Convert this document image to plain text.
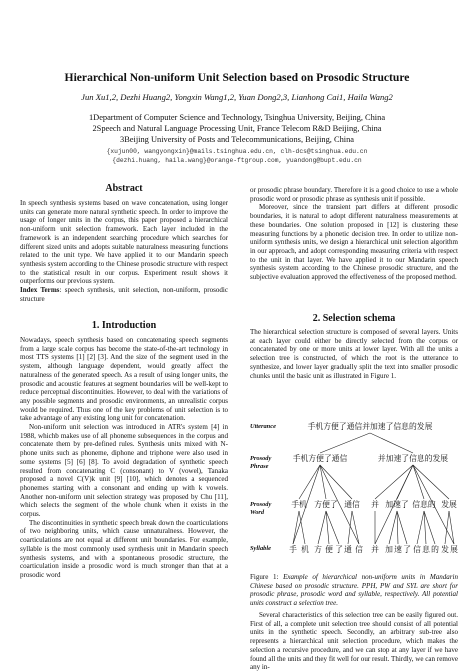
Hierarchical Non-uniform Unit Selection based on Prosodic Structure
Jun Xu1,2, Dezhi Huang2, Yongxin Wang1,2, Yuan Dong2,3, Lianhong Cai1, Haila Wang2
1Department of Computer Science and Technology, Tsinghua University, Beijing, China
2Speech and Natural Language Processing Unit, France Telecom R&D Beijing, China
3Beijing University of Posts and Telecommunications, Beijing, China
{xujun00, wangyongxin}@mails.tsinghua.edu.cn, clh-dcs@tsinghua.edu.cn
{dezhi.huang, haila.wang}@orange-ftgroup.com, yuandong@bupt.edu.cn
Abstract

In speech synthesis systems based on wave concatenation, using longer units can generate more natural synthetic speech. In order to improve the usage of longer units in the corpus, this paper proposed a hierarchical non-uniform unit selection framework. Each layer included in the framework is an independent searching procedure which searches for different sized units and adopts suitable naturalness measuring functions related to the unit type. We have applied it to our Mandarin speech synthesis system according to the Chinese prosodic structure with respect to the statistical result in our corpus. Experiment result shows it outperforms our previous system.

Index Terms: speech synthesis, unit selection, non-uniform, prosodic structure

1. Introduction

Nowadays, speech synthesis based on concatenating speech segments from a large scale corpus has become the state-of-the-art technology in most TTS systems [1] [2] [3]. And the size of the segment used in the system, although language dependent, would greatly affect the naturalness of the generated speech. As a result of using longer units, the prosodic and acoustic features at segment boundaries will be well-kept to reduce perceptual discontinuities. However, to deal with the variations of any possible segments and prosodic environments, an unrealistic corpus would be required. Thus one of the key problems of unit selection is to take advantage of any existing long unit for concatenation.

Non-uniform unit selection was introduced in ATR's system [4] in 1988, whichb makes use of all phoneme subsequences in the corpus and concatenate them by pre-defined rules. Synthesis units mixed with N-phone units such as phoneme, diphone and triphone were also used in some systems [5] [6] [8]. To avoid degradation of synthetic speech resulted from concatenating C (consonant) to V (vowel), Tanaka proposed a novel C(V)k unit [9] [10], which denotes a sequenced phonemes starting with a consonant and ending up with k vowels. Another non-uniform unit selection strategy was proposed by Chu [11], which selects the segment of the whole chunk when it exists in the corpus.

The discontinuities in synthetic speech break down the coarticulations of two neighboring units, which cause unnaturalness. However, the coarticulations are not equal at different unit boundaries. For example, syllable is the most commonly used synthesis unit in Mandarin speech synthesis systems, and with a spontaneous prosodic structure, the coarticulation inside a prosodic word is much stronger than that at a prosodic word

or prosodic phrase boundary. Therefore it is a good choice to use a whole prosodic word or prosodic phrase as synthesis unit if possible.

Moreover, since the transient part differs at different prosodic boundaries, it is natural to adopt different naturalness measurements at these boundaries. One solution proposed in [12] is clustering these measuring functions by a phonetic decision tree. In order to utilize non-uniform synthesis units, we design a hierarchical unit selection algorithm in our approach, and adopt corresponding measuring criteria with respect to the unit in that layer. We have applied it to our Mandarin speech synthesis system according to the Chinese prosodic structure, and the subjective evaluation approved the effectiveness of the proposed method.

2. Selection schema
The hierarchical selection structure is composed of several layers. Units at each layer could either be directly selected from the corpus or concatenated by one or more units at lower layer. With all the units a selection tree is constructed, of which the root is the utterance to synthesize, and lower layer gradually split the text into smaller prosodic chunks until the basic unit as illustrated in Figure 1.
Utterance
Prosody
Phrase
Prosody
Word
Syllable
手机方便了通信并加速了信息的发展
手机方便了通信	并加速了信息的发展
手机 方便了 通信 并 加速了 信息的 发展
手 机 方 便 了 通 信 并 加 速 了 信 息 的 发 展
Figure 1: Example of hierarchical non-uniform units in Mandarin Chinese based on prosodic structure. PPH, PW and SYL are short for prosodic phrase, prosodic word and syllable, respectively. All potential units construct a selection tree.
Several characteristics of this selection tree can be easily figured out. First of all, a complete unit selection tree should consist of all potential units in the synthetic speech. Secondly, an arbitrary sub-tree also represents a hierarchical unit selection procedure, which makes the selection a recursive procedure, and we can stop at any layer if we have found all the units and they fit well for our result. Thirdly, we can remove any in-
